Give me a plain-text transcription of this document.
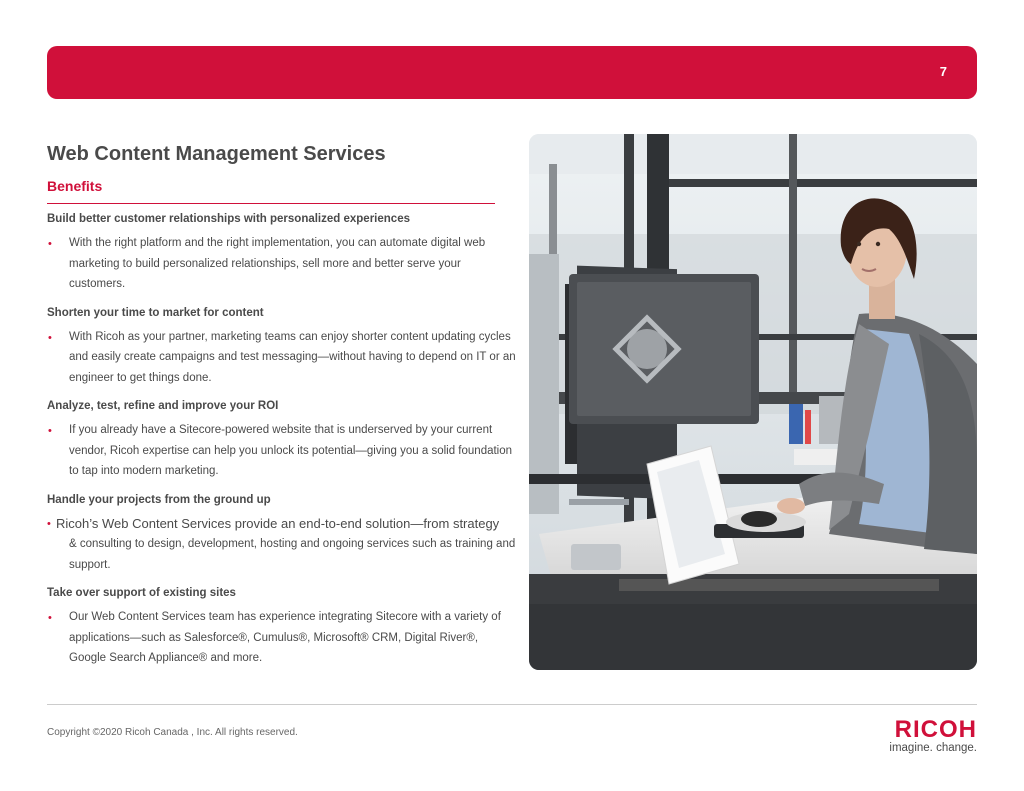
7
Web Content Management Services
Benefits

Build better customer relationships with personalized experiences

• With the right platform and the right implementation, you can automate digital web marketing to build personalized relationships, sell more and better serve your customers.

Shorten your time to market for content

• With Ricoh as your partner, marketing teams can enjoy shorter content updating cycles and easily create campaigns and test messaging—without having to depend on IT or an engineer to get things done.

Analyze, test, refine and improve your ROI

• If you already have a Sitecore-powered website that is underserved by your current vendor, Ricoh expertise can help you unlock its potential—giving you a solid foundation to tap into modern marketing.

Handle your projects from the ground up

• Ricoh’s Web Content Services provide an end-to-end solution—from strategy
& consulting to design, development, hosting and ongoing services such as training and support.

Take over support of existing sites

• Our Web Content Services team has experience integrating Sitecore with a variety of applications—such as Salesforce®, Cumulus®, Microsoft® CRM, Digital River®, Google Search Appliance® and more.
Copyright ©2020 Ricoh Canada , Inc. All rights reserved.	RICOH
imagine. change.
